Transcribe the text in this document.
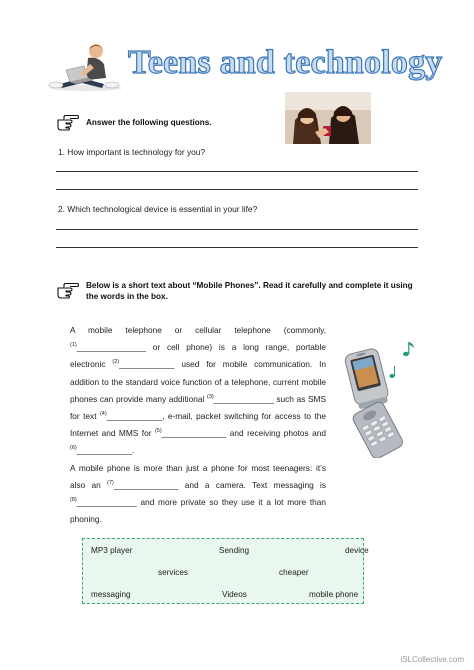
Teens and technology
Answer the following questions.
1. How important is technology for you?
2. Which technological device is essential in your life?
Below is a short text about “Mobile Phones”. Read it carefully and complete it using the words in the box.

A mobile telephone or cellular telephone (commonly, $^{(1)}$_______________ or cell phone) is a long range, portable electronic $^{(2)}$____________ used for mobile communication. In addition to the standard voice function of a telephone, current mobile phones can provide many additional $^{(3)}$_____________ such as SMS for text $^{(4)}$____________, e-mail, packet switching for access to the Internet and MMS for $^{(5)}$______________ and receiving photos and $^{(6)}$____________.

A mobile phone is more than just a phone for most teenagers: it’s also an $^{(7)}$______________ and a camera. Text messaging is $^{(8)}$_____________ and more private so they use it a lot more than phoning.

MP3 player	Sending	device
services	cheaper
messaging	Videos	mobile phone
iSLCollective.com
